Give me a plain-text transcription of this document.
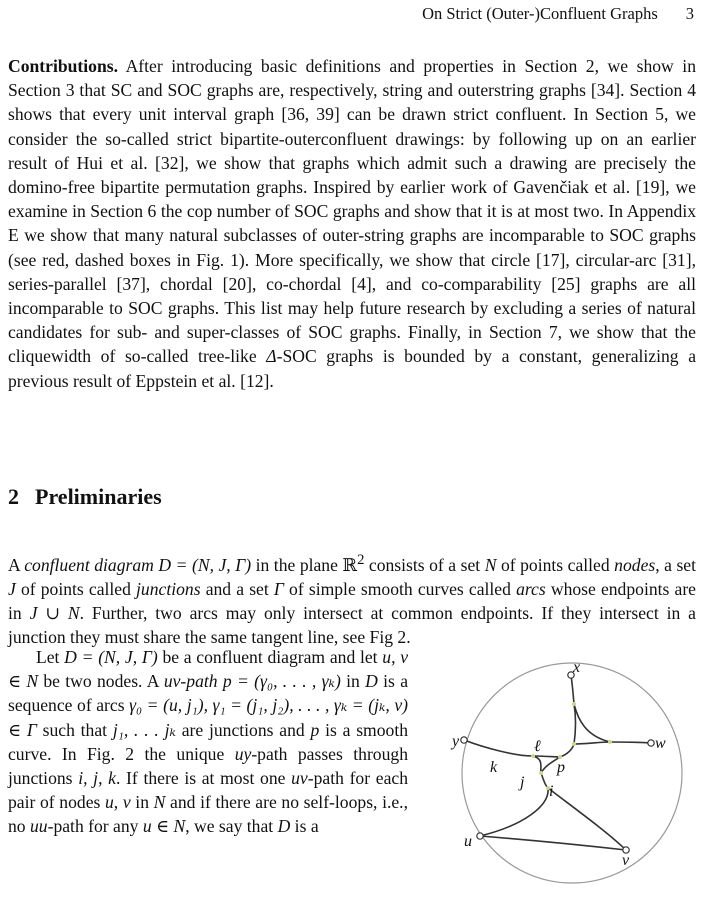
On Strict (Outer-)Confluent Graphs 3

Contributions. After introducing basic definitions and properties in Section 2, we show in Section 3 that SC and SOC graphs are, respectively, string and outerstring graphs [34]. Section 4 shows that every unit interval graph [36, 39] can be drawn strict confluent. In Section 5, we consider the so-called strict bipartite-outerconfluent drawings: by following up on an earlier result of Hui et al. [32], we show that graphs which admit such a drawing are precisely the domino-free bipartite permutation graphs. Inspired by earlier work of Gavenčiak et al. [19], we examine in Section 6 the cop number of SOC graphs and show that it is at most two. In Appendix E we show that many natural subclasses of outer-string graphs are incomparable to SOC graphs (see red, dashed boxes in Fig. 1). More specifically, we show that circle [17], circular-arc [31], series-parallel [37], chordal [20], co-chordal [4], and co-comparability [25] graphs are all incomparable to SOC graphs. This list may help future research by excluding a series of natural candidates for sub- and super-classes of SOC graphs. Finally, in Section 7, we show that the cliquewidth of so-called tree-like Δ-SOC graphs is bounded by a constant, generalizing a previous result of Eppstein et al. [12].

2 Preliminaries

A confluent diagram D = (N, J, Γ) in the plane ℝ$^2$ consists of a set N of points called nodes, a set J of points called junctions and a set Γ of simple smooth curves called arcs whose endpoints are in J ∪ N. Further, two arcs may only intersect at common endpoints. If they intersect in a junction they must share the same tangent line, see Fig 2.

Let D = (N, J, Γ) be a confluent diagram and let u, v ∈ N be two nodes. A uv-path p = (γ₀, . . . , γₖ) in D is a sequence of arcs γ₀ = (u, j₁), γ₁ = (j₁, j₂), . . . , γₖ = (jₖ, v) ∈ Γ such that j₁, . . . jₖ are junctions and p is a smooth curve. In Fig. 2 the unique uy-path passes through junctions i, j, k. If there is at most one uv-path for each pair of nodes u, v in N and if there are no self-loops, i.e., no uu-path for any u ∈ N, we say that D is a

x
y	w
u
v
k
ℓ
p
j
i
